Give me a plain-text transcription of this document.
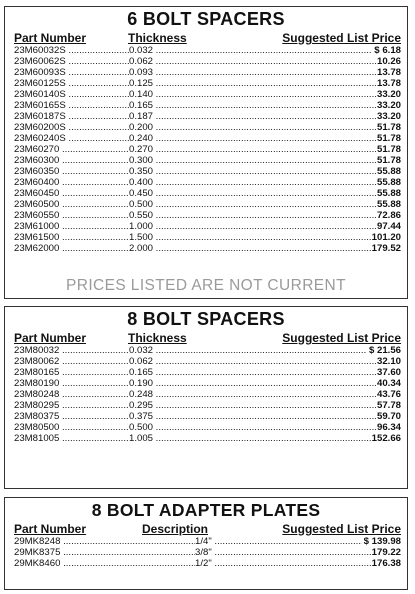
6 BOLT SPACERS
Part Number	Thickness	Suggested List Price
23M60032S .....	0.032 .....	$ 6.18
23M60062S .....	0.062 .....	10.26
23M60093S .....	0.093 .....	13.78
23M60125S .....	0.125 .....	13.78
23M60140S .....	0.140 .....	33.20
23M60165S .....	0.165 .....	33.20
23M60187S .....	0.187 .....	33.20
23M60200S .....	0.200 .....	51.78
23M60240S .....	0.240 .....	51.78
23M60270 .....	0.270 .....	51.78
23M60300 .....	0.300 .....	51.78
23M60350 .....	0.350 .....	55.88
23M60400 .....	0.400 .....	55.88
23M60450 .....	0.450 .....	55.88
23M60500 .....	0.500 .....	55.88
23M60550 .....	0.550 .....	72.86
23M61000 .....	1.000 .....	97.44
23M61500 .....	1.500 .....	101.20
23M62000 .....	2.000 .....	179.52
PRICES LISTED ARE NOT CURRENT
8 BOLT SPACERS
Part Number	Thickness	Suggested List Price
23M80032 .....	0.032 .....	$ 21.56
23M80062 .....	0.062 .....	32.10
23M80165 .....	0.165 .....	37.60
23M80190 .....	0.190 .....	40.34
23M80248 .....	0.248 .....	43.76
23M80295 .....	0.295 .....	57.78
23M80375 .....	0.375 .....	59.70
23M80500 .....	0.500 .....	96.34
23M81005 .....	1.005 .....	152.66
8 BOLT ADAPTER PLATES
Part Number	Description	Suggested List Price
29MK8248 .....	1/4" .....	$ 139.98
29MK8375 .....	3/8" .....	179.22
29MK8460 .....	1/2" .....	176.38
